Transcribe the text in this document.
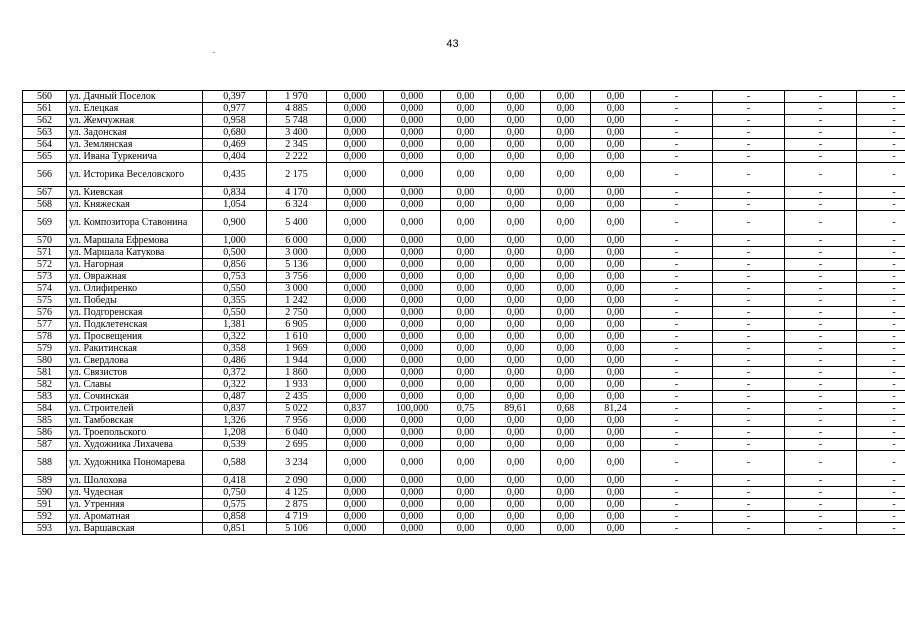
43
560	ул. Дачный Поселок	0,397	1 970	0,000	0,000	0,00	0,00	0,00	0,00	-	-	-	-
561	ул. Елецкая	0,977	4 885	0,000	0,000	0,00	0,00	0,00	0,00	-	-	-	-
562	ул. Жемчужная	0,958	5 748	0,000	0,000	0,00	0,00	0,00	0,00	-	-	-	-
563	ул. Задонская	0,680	3 400	0,000	0,000	0,00	0,00	0,00	0,00	-	-	-	-
564	ул. Землянская	0,469	2 345	0,000	0,000	0,00	0,00	0,00	0,00	-	-	-	-
565	ул. Ивана Туркенича	0,404	2 222	0,000	0,000	0,00	0,00	0,00	0,00	-	-	-	-
566	ул. Историка Веселовского	0,435	2 175	0,000	0,000	0,00	0,00	0,00	0,00	-	-	-	-
567	ул. Киевская	0,834	4 170	0,000	0,000	0,00	0,00	0,00	0,00	-	-	-	-
568	ул. Княжеская	1,054	6 324	0,000	0,000	0,00	0,00	0,00	0,00	-	-	-	-
569	ул. Композитора Ставонина	0,900	5 400	0,000	0,000	0,00	0,00	0,00	0,00	-	-	-	-
570	ул. Маршала Ефремова	1,000	6 000	0,000	0,000	0,00	0,00	0,00	0,00	-	-	-	-
571	ул. Маршала Катукова	0,500	3 000	0,000	0,000	0,00	0,00	0,00	0,00	-	-	-	-
572	ул. Нагорная	0,856	5 136	0,000	0,000	0,00	0,00	0,00	0,00	-	-	-	-
573	ул. Овражная	0,753	3 756	0,000	0,000	0,00	0,00	0,00	0,00	-	-	-	-
574	ул. Олифиренко	0,550	3 000	0,000	0,000	0,00	0,00	0,00	0,00	-	-	-	-
575	ул. Победы	0,355	1 242	0,000	0,000	0,00	0,00	0,00	0,00	-	-	-	-
576	ул. Подгоренская	0,550	2 750	0,000	0,000	0,00	0,00	0,00	0,00	-	-	-	-
577	ул. Подклетенская	1,381	6 905	0,000	0,000	0,00	0,00	0,00	0,00	-	-	-	-
578	ул. Просвещения	0,322	1 610	0,000	0,000	0,00	0,00	0,00	0,00	-	-	-	-
579	ул. Ракитинская	0,358	1 969	0,000	0,000	0,00	0,00	0,00	0,00	-	-	-	-
580	ул. Свердлова	0,486	1 944	0,000	0,000	0,00	0,00	0,00	0,00	-	-	-	-
581	ул. Связистов	0,372	1 860	0,000	0,000	0,00	0,00	0,00	0,00	-	-	-	-
582	ул. Славы	0,322	1 933	0,000	0,000	0,00	0,00	0,00	0,00	-	-	-	-
583	ул. Сочинская	0,487	2 435	0,000	0,000	0,00	0,00	0,00	0,00	-	-	-	-
584	ул. Строителей	0,837	5 022	0,837	100,000	0,75	89,61	0,68	81,24	-	-	-	-
585	ул. Тамбовская	1,326	7 956	0,000	0,000	0,00	0,00	0,00	0,00	-	-	-	-
586	ул. Троепольского	1,208	6 040	0,000	0,000	0,00	0,00	0,00	0,00	-	-	-	-
587	ул. Художника Лихачева	0,539	2 695	0,000	0,000	0,00	0,00	0,00	0,00	-	-	-	-
588	ул. Художника Пономарева	0,588	3 234	0,000	0,000	0,00	0,00	0,00	0,00	-	-	-	-
589	ул. Шолохова	0,418	2 090	0,000	0,000	0,00	0,00	0,00	0,00	-	-	-	-
590	ул. Чудесная	0,750	4 125	0,000	0,000	0,00	0,00	0,00	0,00	-	-	-	-
591	ул. Утренняя	0,575	2 875	0,000	0,000	0,00	0,00	0,00	0,00	-	-	-	-
592	ул. Ароматная	0,858	4 719	0,000	0,000	0,00	0,00	0,00	0,00	-	-	-	-
593	ул. Варшавская	0,851	5 106	0,000	0,000	0,00	0,00	0,00	0,00	-	-	-	-
